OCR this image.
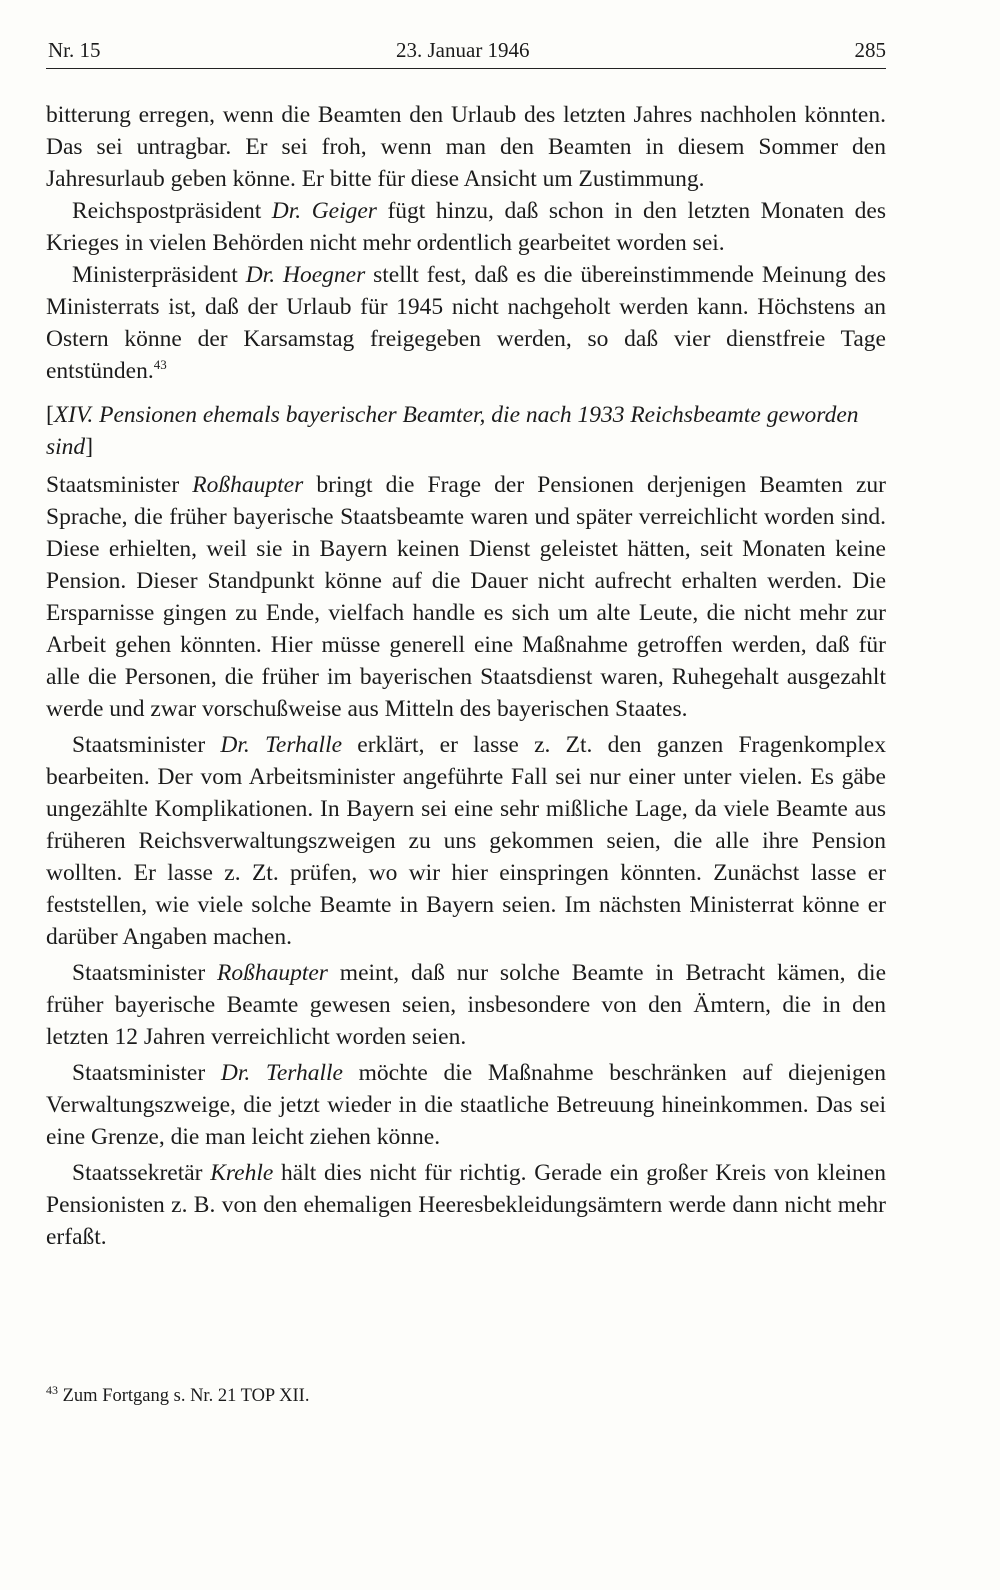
Nr. 15	23. Januar 1946	285

bitterung erregen, wenn die Beamten den Urlaub des letzten Jahres nachholen könnten. Das sei untragbar. Er sei froh, wenn man den Beamten in diesem Sommer den Jahresurlaub geben könne. Er bitte für diese Ansicht um Zustimmung.

Reichspostpräsident Dr. Geiger fügt hinzu, daß schon in den letzten Monaten des Krieges in vielen Behörden nicht mehr ordentlich gearbeitet worden sei.

Ministerpräsident Dr. Hoegner stellt fest, daß es die übereinstimmende Meinung des Ministerrats ist, daß der Urlaub für 1945 nicht nachgeholt werden kann. Höchstens an Ostern könne der Karsamstag freigegeben werden, so daß vier dienstfreie Tage entstünden.$^{43}$

[XIV. Pensionen ehemals bayerischer Beamter, die nach 1933 Reichsbeamte geworden sind]

Staatsminister Roßhaupter bringt die Frage der Pensionen derjenigen Beamten zur Sprache, die früher bayerische Staatsbeamte waren und später verreichlicht worden sind. Diese erhielten, weil sie in Bayern keinen Dienst geleistet hätten, seit Monaten keine Pension. Dieser Standpunkt könne auf die Dauer nicht aufrecht erhalten werden. Die Ersparnisse gingen zu Ende, vielfach handle es sich um alte Leute, die nicht mehr zur Arbeit gehen könnten. Hier müsse generell eine Maßnahme getroffen werden, daß für alle die Personen, die früher im bayerischen Staatsdienst waren, Ruhegehalt ausgezahlt werde und zwar vorschußweise aus Mitteln des bayerischen Staates.

Staatsminister Dr. Terhalle erklärt, er lasse z. Zt. den ganzen Fragenkomplex bearbeiten. Der vom Arbeitsminister angeführte Fall sei nur einer unter vielen. Es gäbe ungezählte Komplikationen. In Bayern sei eine sehr mißliche Lage, da viele Beamte aus früheren Reichsverwaltungszweigen zu uns gekommen seien, die alle ihre Pension wollten. Er lasse z. Zt. prüfen, wo wir hier einspringen könnten. Zunächst lasse er feststellen, wie viele solche Beamte in Bayern seien. Im nächsten Ministerrat könne er darüber Angaben machen.

Staatsminister Roßhaupter meint, daß nur solche Beamte in Betracht kämen, die früher bayerische Beamte gewesen seien, insbesondere von den Ämtern, die in den letzten 12 Jahren verreichlicht worden seien.

Staatsminister Dr. Terhalle möchte die Maßnahme beschränken auf diejenigen Verwaltungszweige, die jetzt wieder in die staatliche Betreuung hineinkommen. Das sei eine Grenze, die man leicht ziehen könne.

Staatssekretär Krehle hält dies nicht für richtig. Gerade ein großer Kreis von kleinen Pensionisten z. B. von den ehemaligen Heeresbekleidungsämtern werde dann nicht mehr erfaßt.

$^{43}$ Zum Fortgang s. Nr. 21 TOP XII.
